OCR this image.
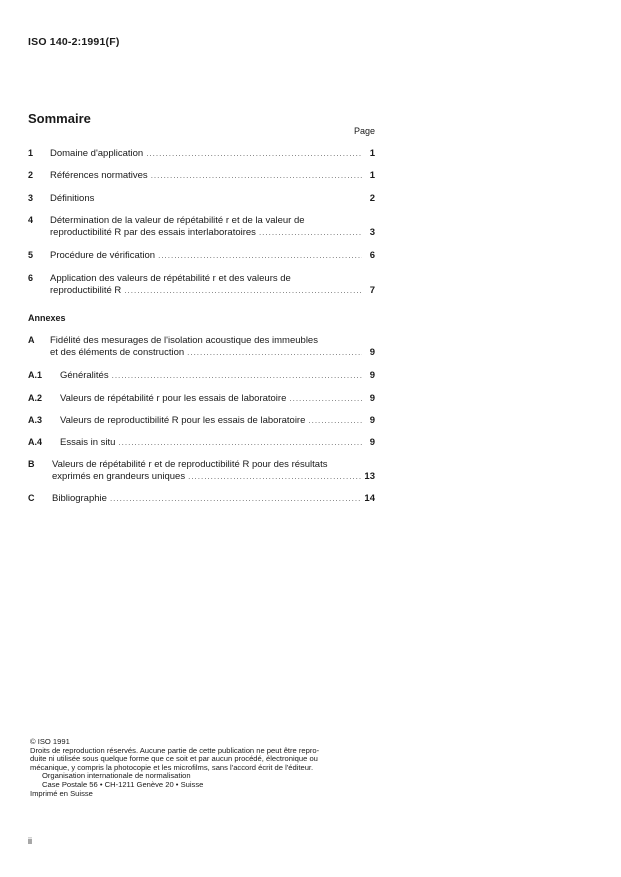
ISO 140-2:1991(F)
Sommaire
Page
1 Domaine d'application .....	1
2 Références normatives .....	1
3 Définitions	2
4 Détermination de la valeur de répétabilité r et de la valeur de
reproductibilité R par des essais interlaboratoires .....	3
5 Procédure de vérification .....	6
6 Application des valeurs de répétabilité r et des valeurs de
reproductibilité R .....	7
Annexes
A Fidélité des mesurages de l'isolation acoustique des immeubles
et des éléments de construction .....	9
A.1 Généralités .....	9
A.2 Valeurs de répétabilité r pour les essais de laboratoire .....	9
A.3 Valeurs de reproductibilité R pour les essais de laboratoire .....	9
A.4 Essais in situ .....	9
B Valeurs de répétabilité r et de reproductibilité R pour des résultats
exprimés en grandeurs uniques .....	13
C Bibliographie .....	14
© ISO 1991
Droits de reproduction réservés. Aucune partie de cette publication ne peut être repro-
duite ni utilisée sous quelque forme que ce soit et par aucun procédé, électronique ou
mécanique, y compris la photocopie et les microfilms, sans l'accord écrit de l'éditeur.
Organisation internationale de normalisation
Case Postale 56 • CH-1211 Genève 20 • Suisse
Imprimé en Suisse
ii
